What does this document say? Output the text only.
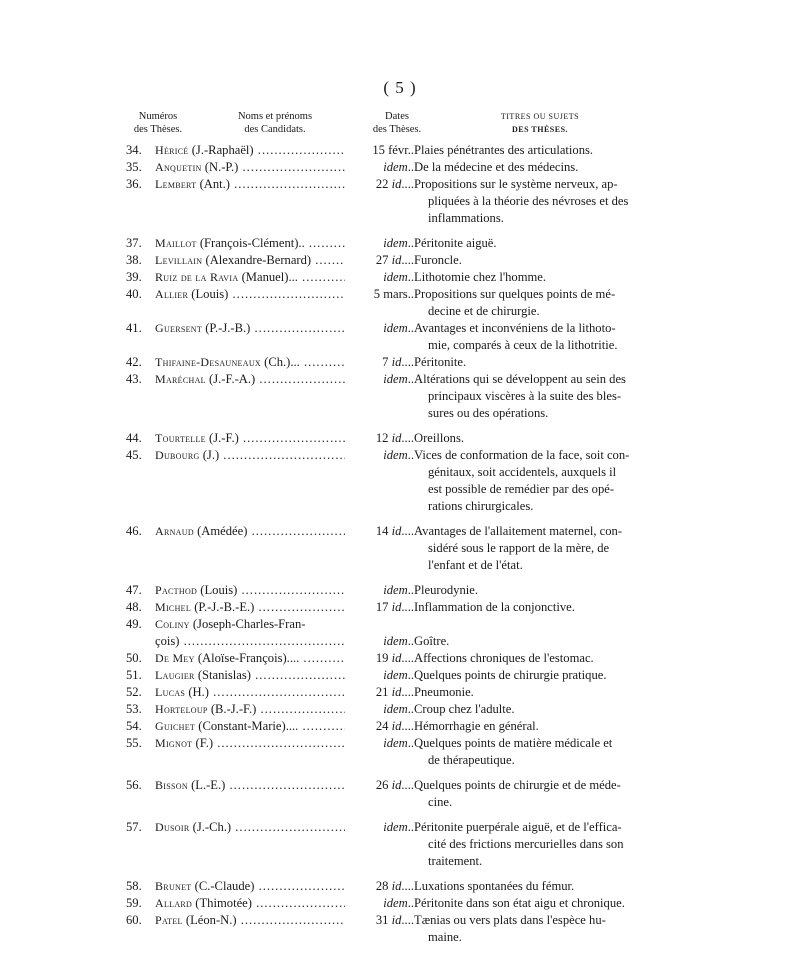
( 5 )
Numéros
des Thèses.
Noms et prénoms
des Candidats.
Dates
des Thèses.
TITRES OU SUJETS
DES THÈSES.
34.	Héricé (J.-Raphaël) .....	15 févr.. Plaies pénétrantes des articulations.
35.	Anquetin (N.-P.) .....	idem.. De la médecine et des médecins.
36.	Lembert (Ant.) .....	22 id.... Propositions sur le système nerveux, ap-
pliquées à la théorie des névroses et des
inflammations.
37.	Maillot (François-Clément).. .....	idem.. Péritonite aiguë.
38.	Levillain (Alexandre-Bernard) .....	27 id.... Furoncle.
39.	Ruiz de la Ravia (Manuel)... .....	idem.. Lithotomie chez l'homme.
40.	Allier (Louis) .....	5 mars.. Propositions sur quelques points de mé-
decine et de chirurgie.
41.	Guersent (P.-J.-B.) .....	idem.. Avantages et inconvéniens de la lithoto-
mie, comparés à ceux de la lithotritie.
42.	Thifaine-Desauneaux (Ch.)... .....	7 id.... Péritonite.
43.	Maréchal (J.-F.-A.) .....	idem.. Altérations qui se développent au sein des
principaux viscères à la suite des bles-
sures ou des opérations.
44.	Tourtelle (J.-F.) .....	12 id.... Oreillons.
45.	Dubourg (J.) .....	idem.. Vices de conformation de la face, soit con-
génitaux, soit accidentels, auxquels il
est possible de remédier par des opé-
rations chirurgicales.
46.	Arnaud (Amédée) .....	14 id.... Avantages de l'allaitement maternel, con-
sidéré sous le rapport de la mère, de
l'enfant et de l'état.
47.	Pacthod (Louis) .....	idem.. Pleurodynie.
48.	Michel (P.-J.-B.-E.) .....	17 id.... Inflammation de la conjonctive.
49.	Coliny (Joseph-Charles-Fran-
çois) .....	idem.. Goître.
50.	De Mey (Aloïse-François).... .....	19 id.... Affections chroniques de l'estomac.
51.	Laugier (Stanislas) .....	idem.. Quelques points de chirurgie pratique.
52.	Lucas (H.) .....	21 id.... Pneumonie.
53.	Horteloup (B.-J.-F.) .....	idem.. Croup chez l'adulte.
54.	Guichet (Constant-Marie).... .....	24 id.... Hémorrhagie en général.
55.	Mignot (F.) .....	idem.. Quelques points de matière médicale et
de thérapeutique.
56.	Bisson (L.-E.) .....	26 id.... Quelques points de chirurgie et de méde-
cine.
57.	Dusoir (J.-Ch.) .....	idem.. Péritonite puerpérale aiguë, et de l'effica-
cité des frictions mercurielles dans son
traitement.
58.	Brunet (C.-Claude) .....	28 id.... Luxations spontanées du fémur.
59.	Allard (Thimotée) .....	idem.. Péritonite dans son état aigu et chronique.
60.	Patel (Léon-N.) .....	31 id.... Tænias ou vers plats dans l'espèce hu-
maine.
